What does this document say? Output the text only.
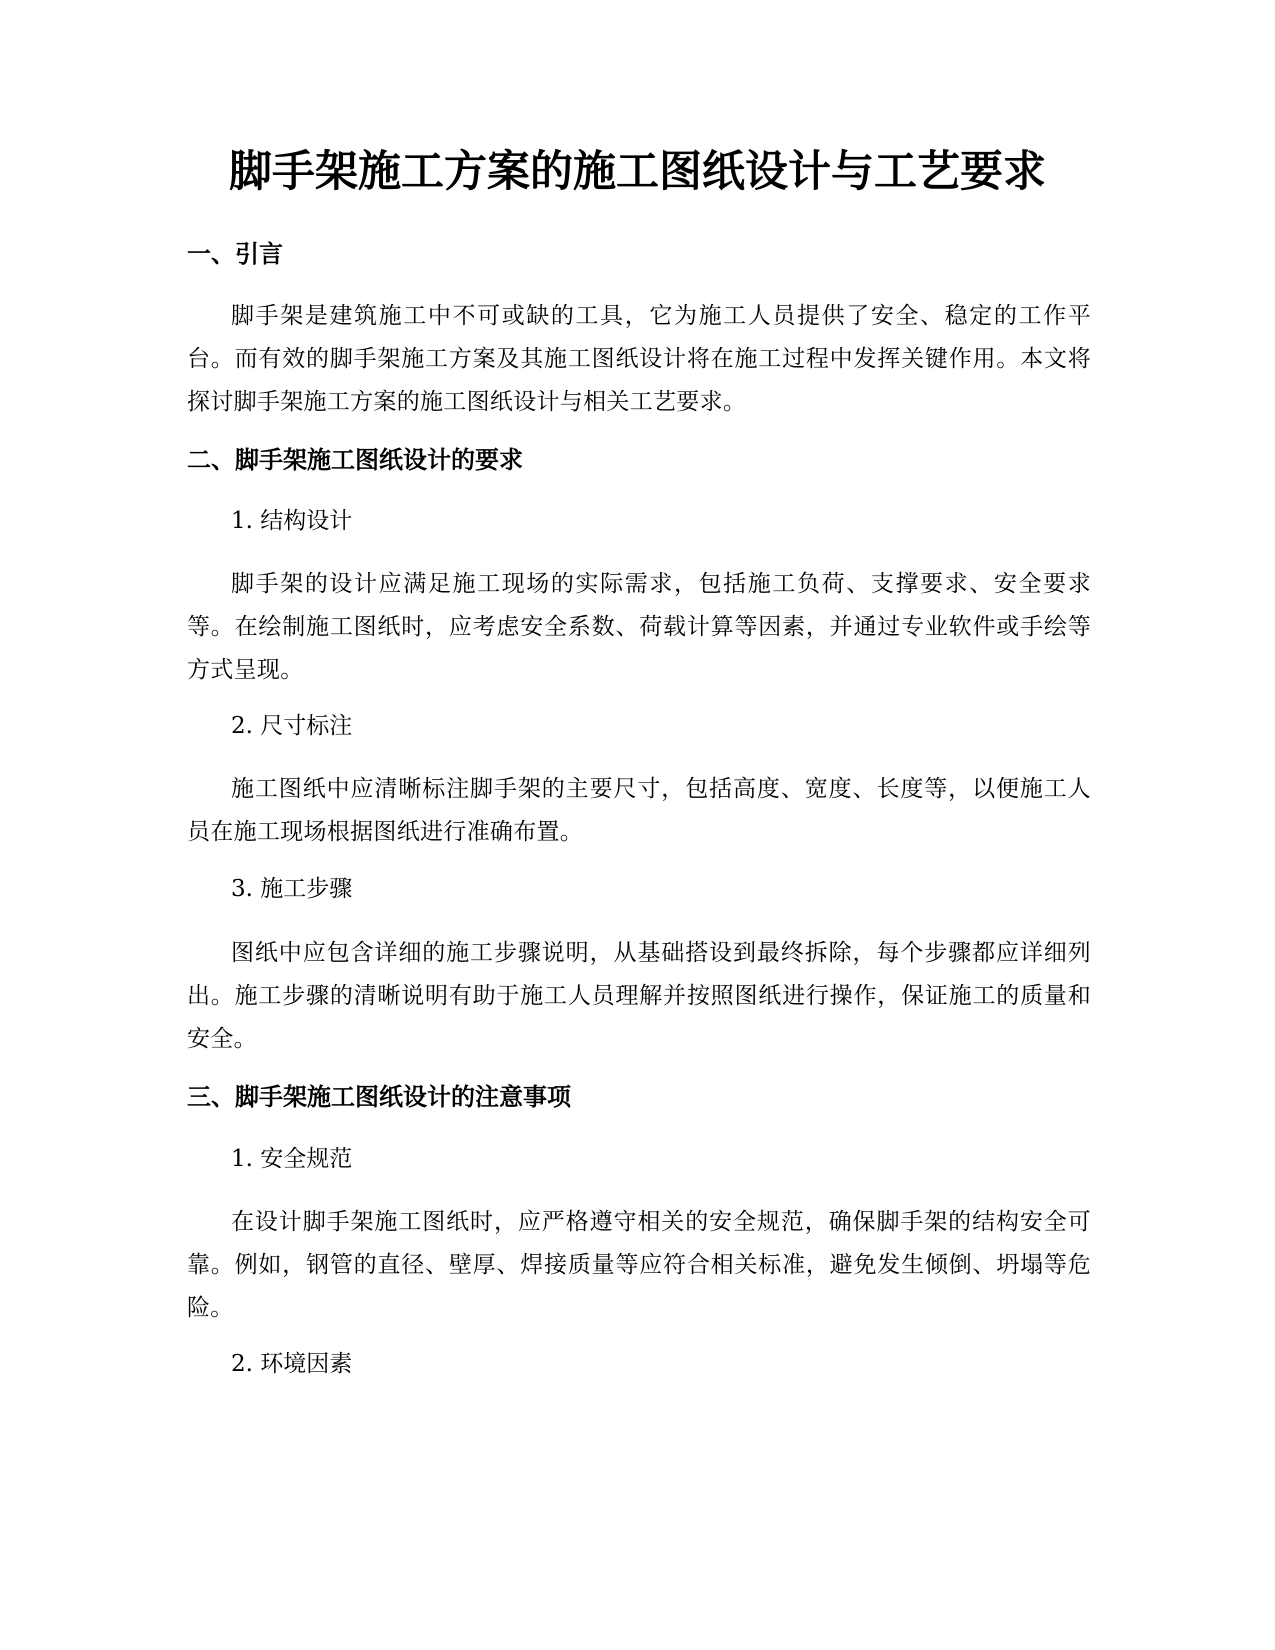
脚手架施工方案的施工图纸设计与工艺要求
一、引言
脚手架是建筑施工中不可或缺的工具，它为施工人员提供了安全、稳定的工作平台。而有效的脚手架施工方案及其施工图纸设计将在施工过程中发挥关键作用。本文将探讨脚手架施工方案的施工图纸设计与相关工艺要求。
二、脚手架施工图纸设计的要求
1. 结构设计
脚手架的设计应满足施工现场的实际需求，包括施工负荷、支撑要求、安全要求等。在绘制施工图纸时，应考虑安全系数、荷载计算等因素，并通过专业软件或手绘等方式呈现。
2. 尺寸标注
施工图纸中应清晰标注脚手架的主要尺寸，包括高度、宽度、长度等，以便施工人员在施工现场根据图纸进行准确布置。
3. 施工步骤
图纸中应包含详细的施工步骤说明，从基础搭设到最终拆除，每个步骤都应详细列出。施工步骤的清晰说明有助于施工人员理解并按照图纸进行操作，保证施工的质量和安全。
三、脚手架施工图纸设计的注意事项
1. 安全规范
在设计脚手架施工图纸时，应严格遵守相关的安全规范，确保脚手架的结构安全可靠。例如，钢管的直径、壁厚、焊接质量等应符合相关标准，避免发生倾倒、坍塌等危险。
2. 环境因素
